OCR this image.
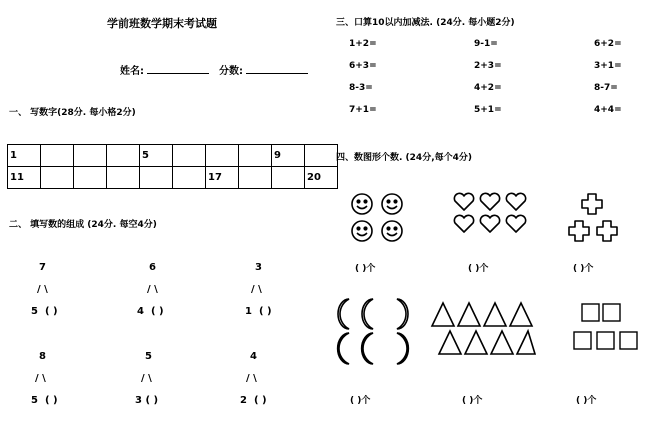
学前班数学期末考试题
姓名:	分数:
一、 写数字(28分. 每小格2分)
1				5				9	
11						17			20
二、 填写数的组成 (24分. 每空4分)
7
/ \
5 ( )
6
/ \
4 ( )
3
/ \
1 ( )
8
/ \
5 ( )
5
/ \
3 ( )
4
/ \
2 ( )
三、口算10以内加减法. (24分. 每小题2分)
1+2=	9-1=	6+2=
6+3=	2+3=	3+1=
8-3=	4+2=	8-7=
7+1=	5+1=	4+4=
四、数图形个数. (24分,每个4分)
( )个	( )个	( )个
( )个	( )个	( )个
